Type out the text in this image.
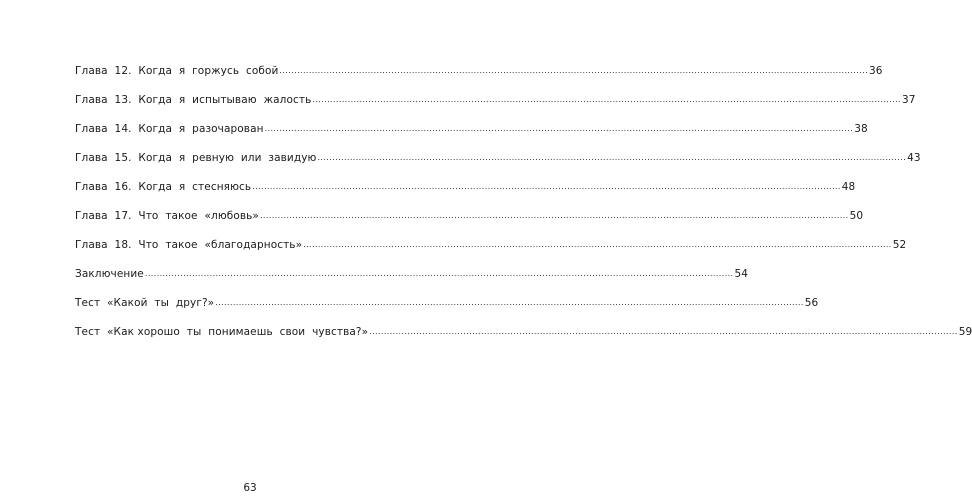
Глава  12.  Когда  я  горжусь  собой ........................................................................................................................................................................................................ 36
Глава  13.  Когда  я  испытываю  жалость ........................................................................................................................................................................................................ 37
Глава  14.  Когда  я  разочарован ........................................................................................................................................................................................................ 38
Глава  15.  Когда  я  ревную  или  завидую ........................................................................................................................................................................................................ 43
Глава  16.  Когда  я  стесняюсь ........................................................................................................................................................................................................ 48
Глава  17.  Что  такое  «любовь» ........................................................................................................................................................................................................ 50
Глава  18.  Что  такое  «благодарность» ........................................................................................................................................................................................................ 52
Заключение ........................................................................................................................................................................................................ 54
Тест  «Какой  ты  друг?» ........................................................................................................................................................................................................ 56
Тест  «Как хорошо  ты  понимаешь  свои  чувства?» ........................................................................................................................................................................................................ 59
63
